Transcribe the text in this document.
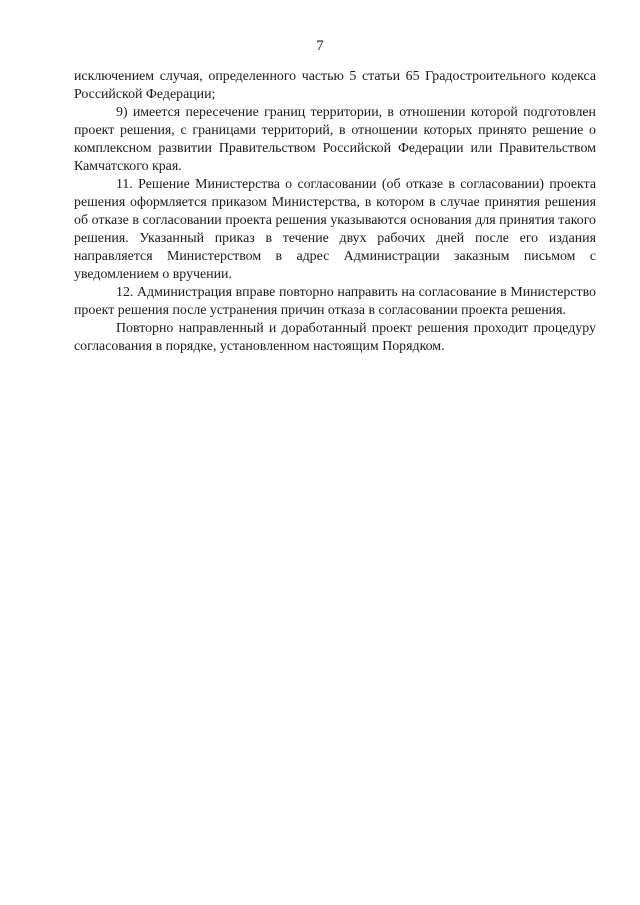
7

исключением случая, определенного частью 5 статьи 65 Градостроительного кодекса Российской Федерации;

9) имеется пересечение границ территории, в отношении которой подготовлен проект решения, с границами территорий, в отношении которых принято решение о комплексном развитии Правительством Российской Федерации или Правительством Камчатского края.

11. Решение Министерства о согласовании (об отказе в согласовании) проекта решения оформляется приказом Министерства, в котором в случае принятия решения об отказе в согласовании проекта решения указываются основания для принятия такого решения. Указанный приказ в течение двух рабочих дней после его издания направляется Министерством в адрес Администрации заказным письмом с уведомлением о вручении.

12. Администрация вправе повторно направить на согласование в Министерство проект решения после устранения причин отказа в согласовании проекта решения.

Повторно направленный и доработанный проект решения проходит процедуру согласования в порядке, установленном настоящим Порядком.
